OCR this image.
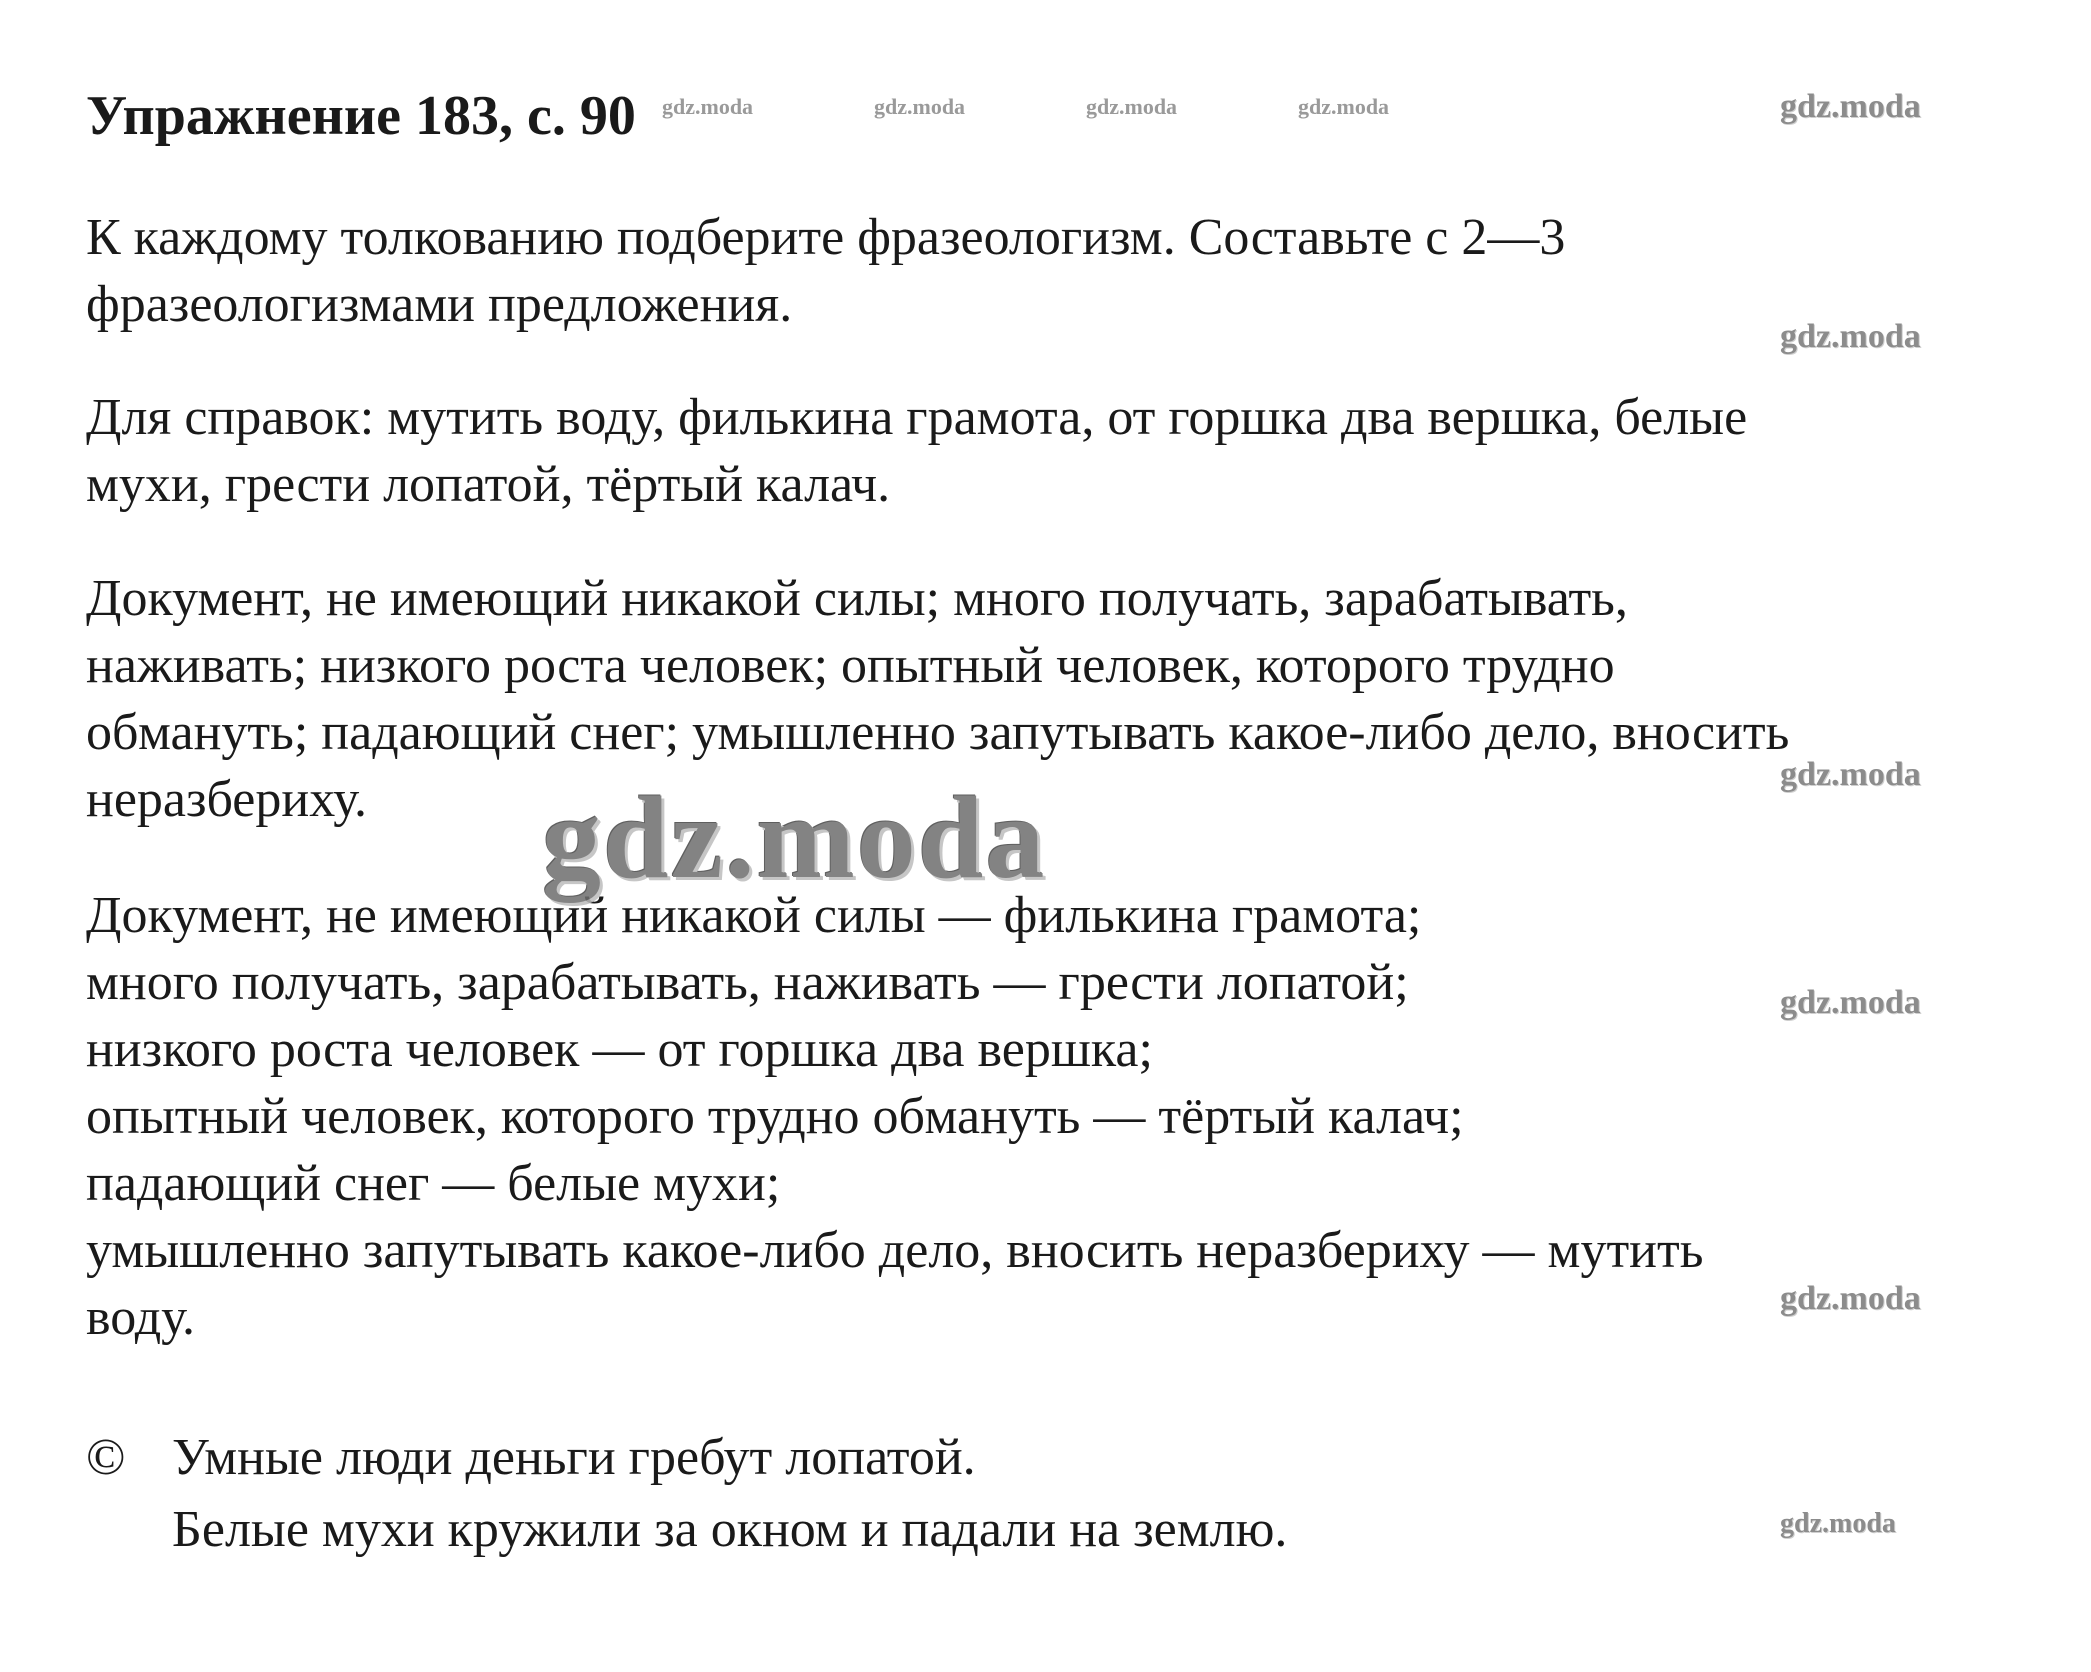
Упражнение 183, с. 90

К каждому толкованию подберите фразеологизм. Составьте с 2—3
фразеологизмами предложения.

Для справок: мутить воду, филькина грамота, от горшка два вершка, белые
мухи, грести лопатой, тёртый калач.

Документ, не имеющий никакой силы; много получать, зарабатывать,
наживать; низкого роста человек; опытный человек, которого трудно
обмануть; падающий снег; умышленно запутывать какое-либо дело, вносить
неразбериху.

Документ, не имеющий никакой силы — филькина грамота;
много получать, зарабатывать, наживать — грести лопатой;
низкого роста человек — от горшка два вершка;
опытный человек, которого трудно обмануть — тёртый калач;
падающий снег — белые мухи;
умышленно запутывать какое-либо дело, вносить неразбериху — мутить
воду.

© Умные люди деньги гребут лопатой.
Белые мухи кружили за окном и падали на землю.
gdz.moda	gdz.moda	gdz.moda	gdz.moda	gdz.moda
gdz.moda
gdz.moda
gdz.moda
gdz.moda
gdz.moda
gdz.moda
